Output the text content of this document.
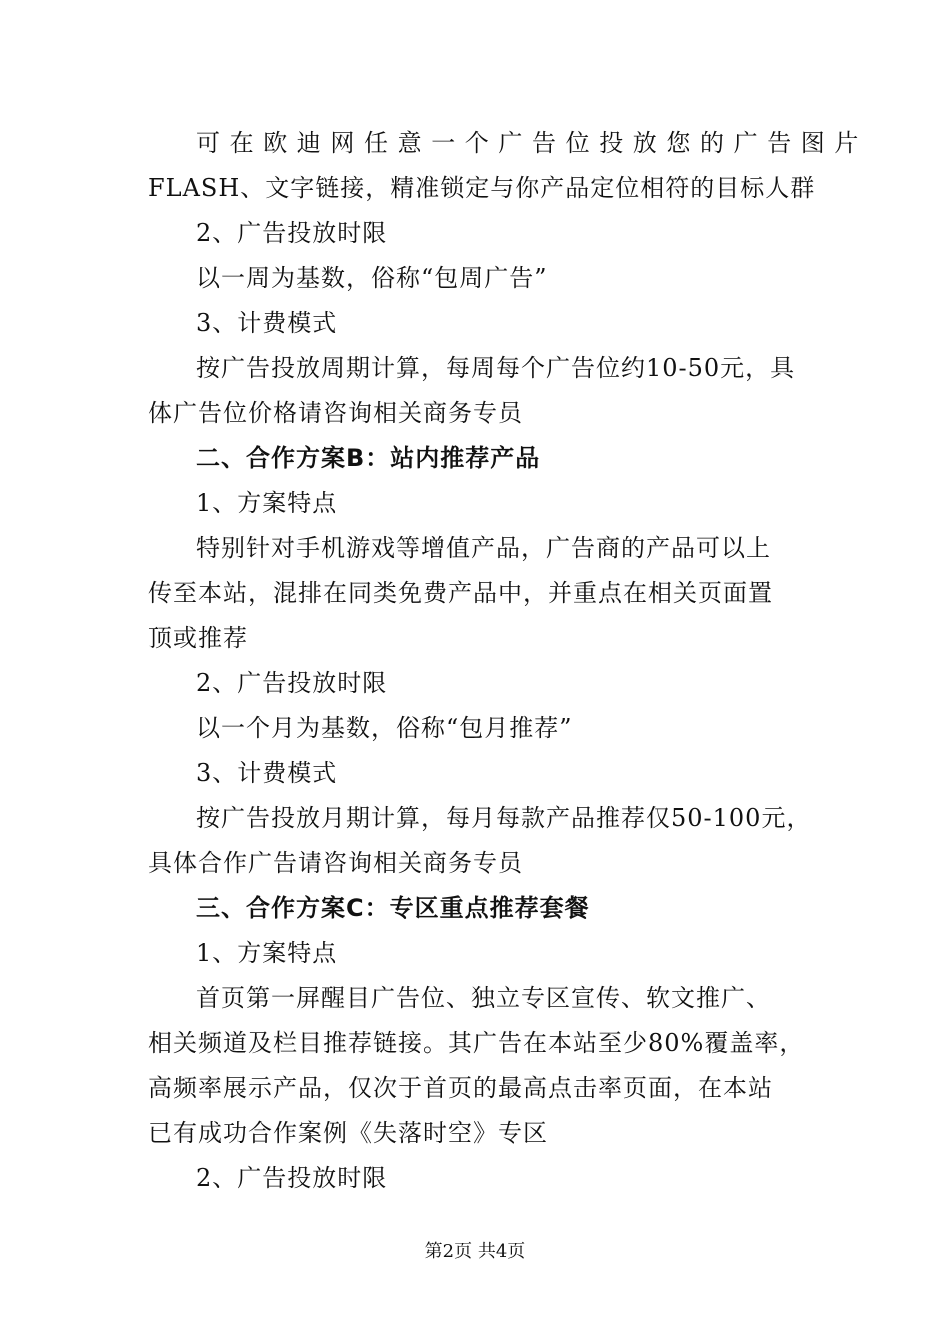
可在欧迪网任意一个广告位投放您的广告图片
FLASH、文字链接，精准锁定与你产品定位相符的目标人群
2、广告投放时限
以一周为基数，俗称“包周广告”
3、计费模式
按广告投放周期计算，每周每个广告位约10-50元，具
体广告位价格请咨询相关商务专员
二、合作方案B：站内推荐产品
1、方案特点
特别针对手机游戏等增值产品，广告商的产品可以上
传至本站，混排在同类免费产品中，并重点在相关页面置
顶或推荐
2、广告投放时限
以一个月为基数，俗称“包月推荐”
3、计费模式
按广告投放月期计算，每月每款产品推荐仅50-100元，
具体合作广告请咨询相关商务专员
三、合作方案C：专区重点推荐套餐
1、方案特点
首页第一屏醒目广告位、独立专区宣传、软文推广、
相关频道及栏目推荐链接。其广告在本站至少80%覆盖率，
高频率展示产品，仅次于首页的最高点击率页面，在本站
已有成功合作案例《失落时空》专区
2、广告投放时限
第2页 共4页
